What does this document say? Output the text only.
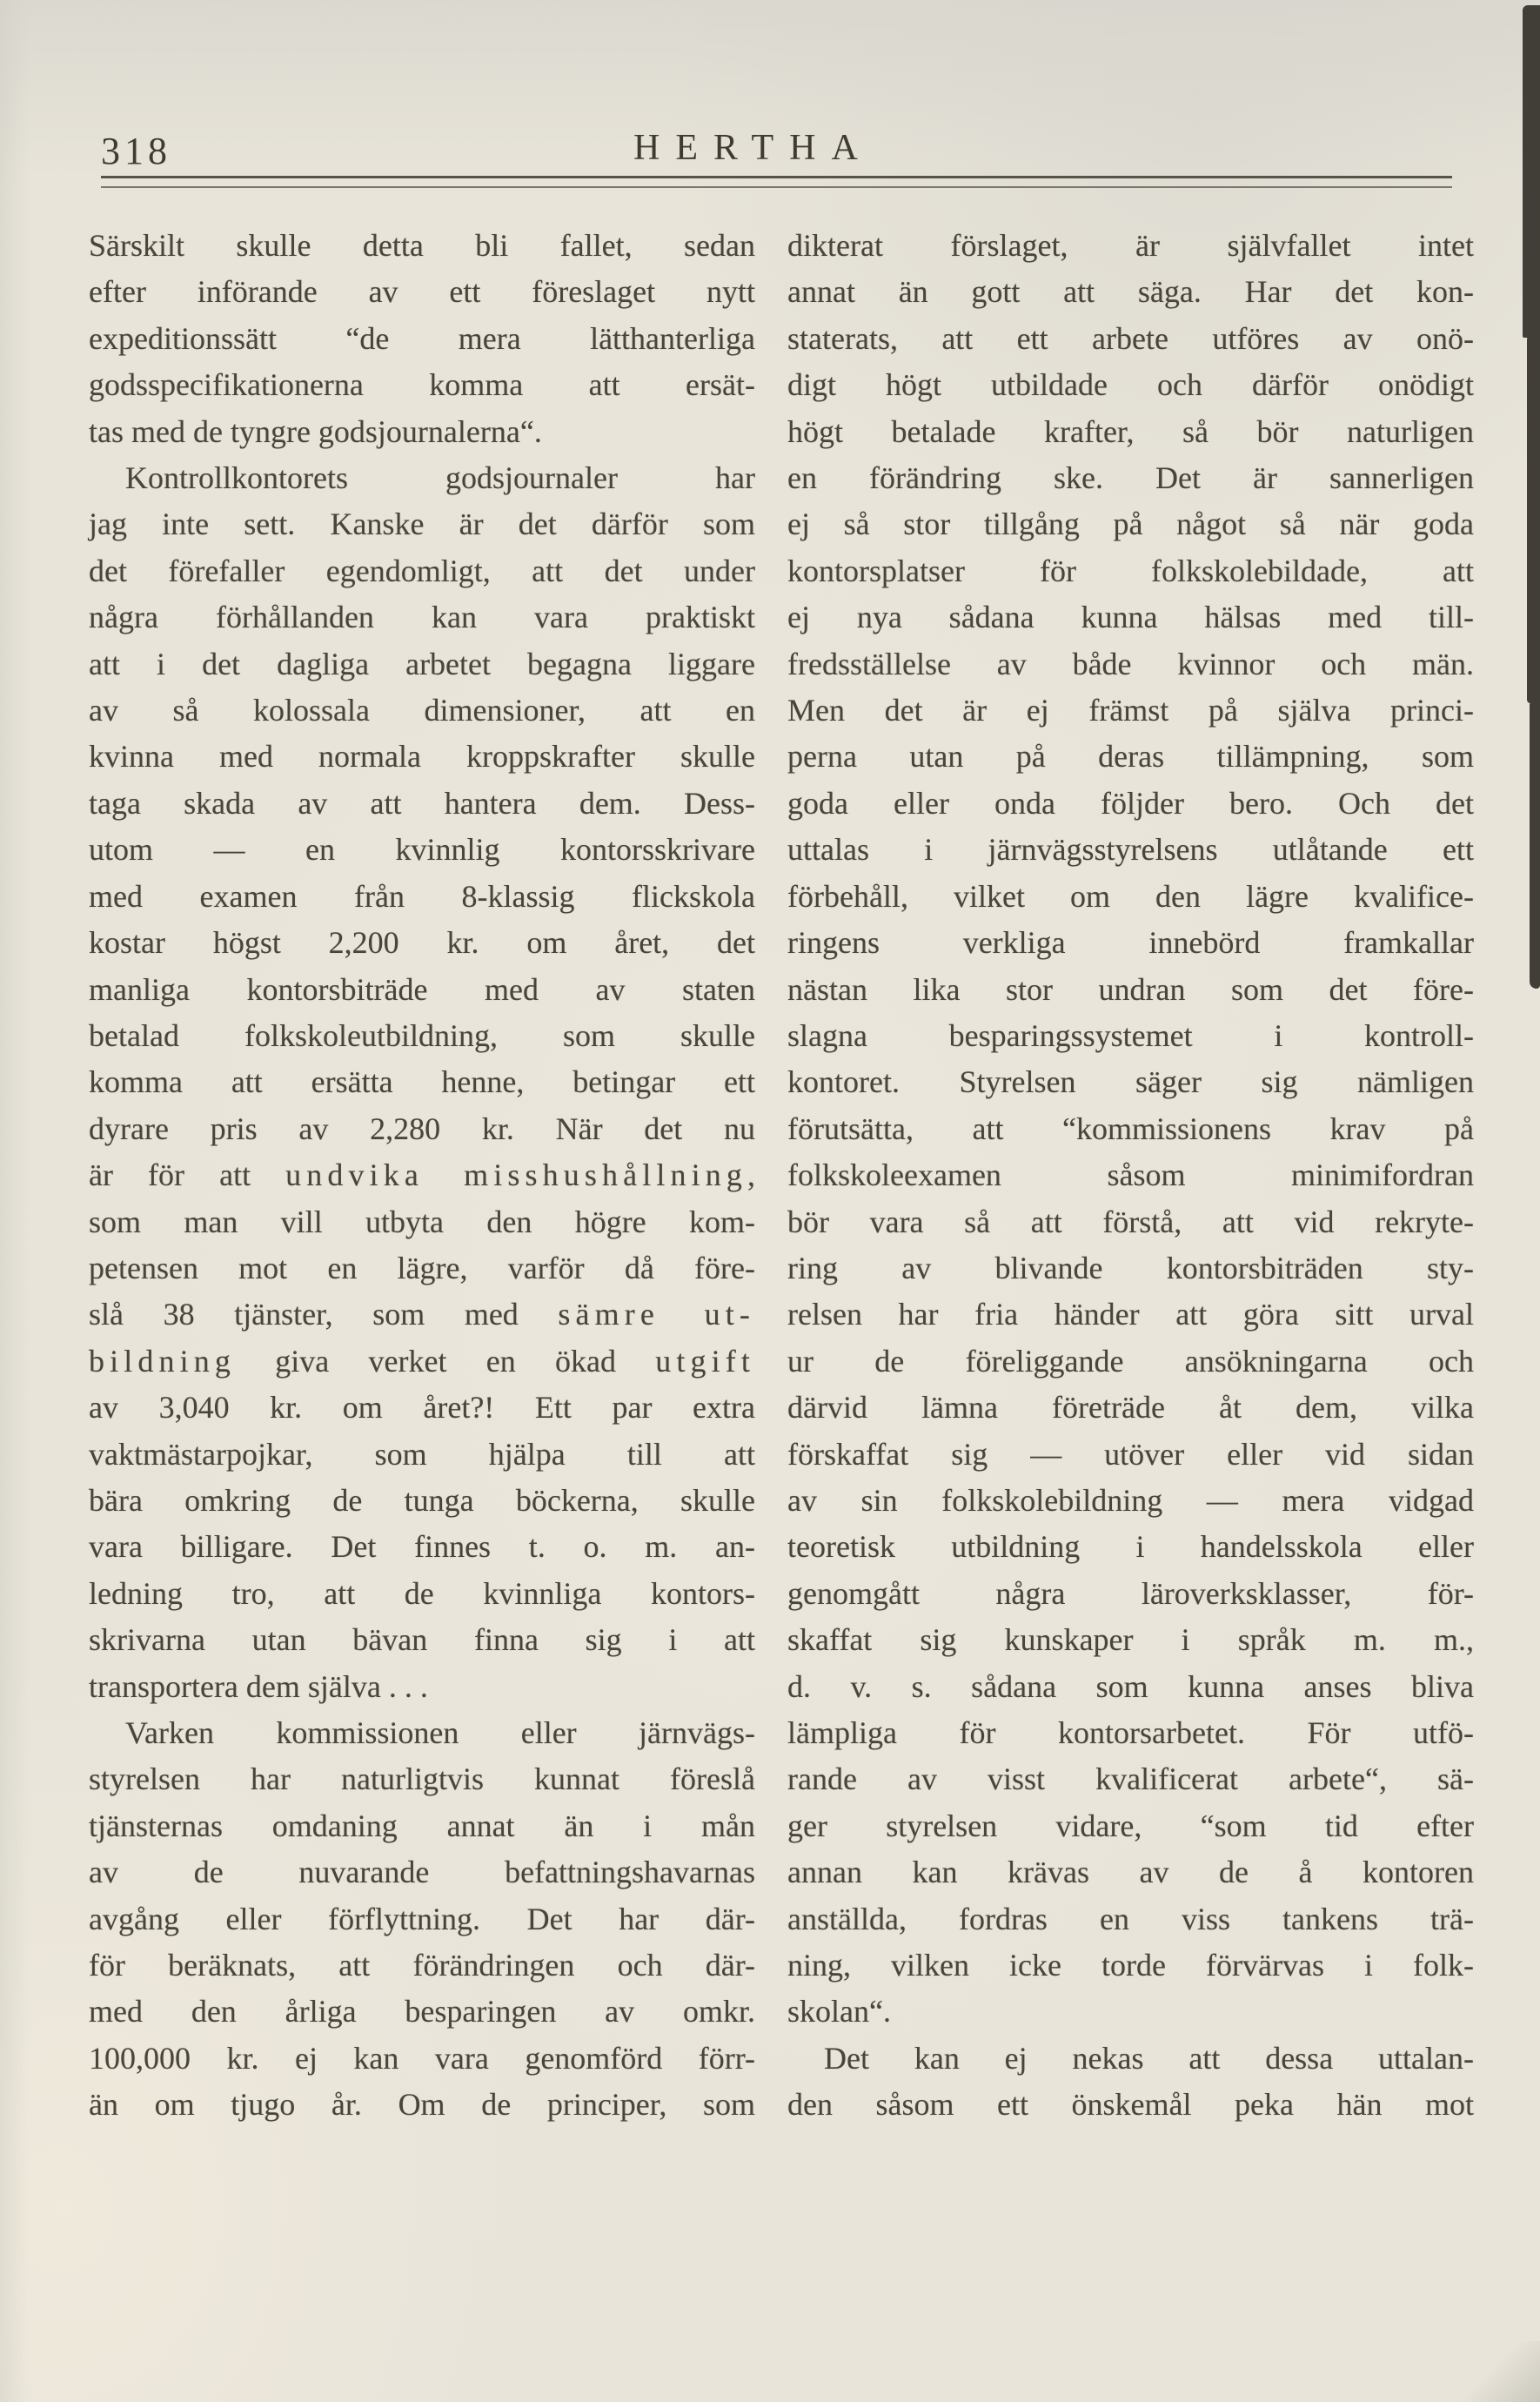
318	HERTHA
Särskilt skulle detta bli fallet, sedan
efter införande av ett föreslaget nytt
expeditionssätt “de mera lätthanterliga
godsspecifikationerna komma att ersät-
tas med de tyngre godsjournalerna“.
Kontrollkontorets godsjournaler har
jag inte sett. Kanske är det därför som
det förefaller egendomligt, att det under
några förhållanden kan vara praktiskt
att i det dagliga arbetet begagna liggare
av så kolossala dimensioner, att en
kvinna med normala kroppskrafter skulle
taga skada av att hantera dem. Dess-
utom — en kvinnlig kontorsskrivare
med examen från 8-klassig flickskola
kostar högst 2,200 kr. om året, det
manliga kontorsbiträde med av staten
betalad folkskoleutbildning, som skulle
komma att ersätta henne, betingar ett
dyrare pris av 2,280 kr. När det nu
är för att undvika misshushållning,
som man vill utbyta den högre kom-
petensen mot en lägre, varför då före-
slå 38 tjänster, som med sämre ut-
bildning giva verket en ökad utgift
av 3,040 kr. om året?! Ett par extra
vaktmästarpojkar, som hjälpa till att
bära omkring de tunga böckerna, skulle
vara billigare. Det finnes t. o. m. an-
ledning tro, att de kvinnliga kontors-
skrivarna utan bävan finna sig i att
transportera dem själva . . .
Varken kommissionen eller järnvägs-
styrelsen har naturligtvis kunnat föreslå
tjänsternas omdaning annat än i mån
av de nuvarande befattningshavarnas
avgång eller förflyttning. Det har där-
för beräknats, att förändringen och där-
med den årliga besparingen av omkr.
100,000 kr. ej kan vara genomförd förr-
än om tjugo år. Om de principer, som
dikterat förslaget, är självfallet intet
annat än gott att säga. Har det kon-
staterats, att ett arbete utföres av onö-
digt högt utbildade och därför onödigt
högt betalade krafter, så bör naturligen
en förändring ske. Det är sannerligen
ej så stor tillgång på något så när goda
kontorsplatser för folkskolebildade, att
ej nya sådana kunna hälsas med till-
fredsställelse av både kvinnor och män.
Men det är ej främst på själva princi-
perna utan på deras tillämpning, som
goda eller onda följder bero. Och det
uttalas i järnvägsstyrelsens utlåtande ett
förbehåll, vilket om den lägre kvalifice-
ringens verkliga innebörd framkallar
nästan lika stor undran som det före-
slagna besparingssystemet i kontroll-
kontoret. Styrelsen säger sig nämligen
förutsätta, att “kommissionens krav på
folkskoleexamen såsom minimifordran
bör vara så att förstå, att vid rekryte-
ring av blivande kontorsbiträden sty-
relsen har fria händer att göra sitt urval
ur de föreliggande ansökningarna och
därvid lämna företräde åt dem, vilka
förskaffat sig — utöver eller vid sidan
av sin folkskolebildning — mera vidgad
teoretisk utbildning i handelsskola eller
genomgått några läroverksklasser, för-
skaffat sig kunskaper i språk m. m.,
d. v. s. sådana som kunna anses bliva
lämpliga för kontorsarbetet. För utfö-
rande av visst kvalificerat arbete“, sä-
ger styrelsen vidare, “som tid efter
annan kan krävas av de å kontoren
anställda, fordras en viss tankens trä-
ning, vilken icke torde förvärvas i folk-
skolan“.
Det kan ej nekas att dessa uttalan-
den såsom ett önskemål peka hän mot
